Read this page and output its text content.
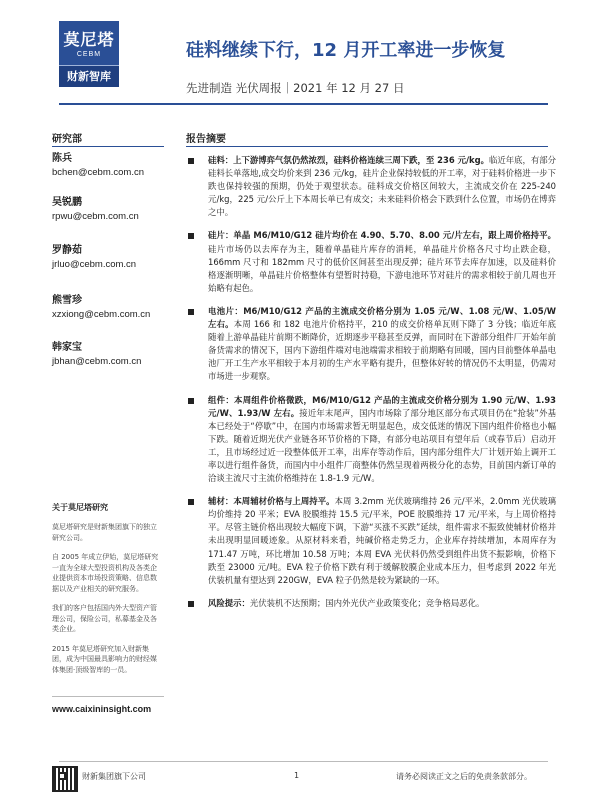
莫尼塔
CEBM
财新智库
硅料继续下行，12 月开工率进一步恢复
先进制造 光伏周报｜2021 年 12 月 27 日
研究部
陈兵
bchen@cebm.com.cn
吴锐鹏
rpwu@cebm.com.cn
罗静茹
jrluo@cebm.com.cn
熊雪珍
xzxiong@cebm.com.cn
韩家宝
jbhan@cebm.com.cn
关于莫尼塔研究

莫尼塔研究是财新集团旗下的独立研究公司。

自 2005 年成立伊始，莫尼塔研究一直为全球大型投资机构及各类企业提供资本市场投资策略、信息数据以及产业相关的研究服务。

我们的客户包括国内外大型资产管理公司，保险公司，私募基金及各类企业。

2015 年莫尼塔研究加入财新集团，成为中国最具影响力的财经媒体集团·顶级智库的一员。

www.caixininsight.com
报告摘要
硅料：上下游博弈气氛仍然浓烈，硅料价格连续三周下跌，至 236 元/kg。临近年底，有部分硅料长单落地,成交均价来到 236 元/kg，硅片企业保持较低的开工率，对于硅料价格进一步下跌也保持较强的预期，仍处于观望状态。硅料成交价格区间较大，主流成交价在 225-240 元/kg，225 元/公斤上下本周长单已有成交；未来硅料价格会下跌到什么位置，市场仍在博弈之中。
硅片：单晶 M6/M10/G12 硅片均价在 4.90、5.70、8.00 元/片左右，跟上周价格持平。硅片市场仍以去库存为主，随着单晶硅片库存的消耗，单晶硅片价格各尺寸均止跌企稳，166mm 尺寸和 182mm 尺寸的低价区间甚至出现反弹；硅片环节去库存加速，以及硅料价格逐渐明晰，单晶硅片价格整体有望暂时持稳，下游电池环节对硅片的需求相较于前几周也开始略有起色。
电池片：M6/M10/G12 产品的主流成交价格分别为 1.05 元/W、1.08 元/W、1.05/W 左右。本周 166 和 182 电池片价格持平，210 的成交价格单瓦则下降了 3 分钱；临近年底随着上游单晶硅片前期不断降价，近期逐步平稳甚至反弹，而同时在下游部分组件厂开始年前备货需求的情况下，国内下游组件端对电池端需求相较于前期略有回暖，国内目前整体单晶电池厂开工生产水平相较于本月初的生产水平略有提升，但整体好转的情况仍不太明显，仍需对市场进一步观察。
组件：本周组件价格微跌，M6/M10/G12 产品的主流成交价格分别为 1.90 元/W、1.93 元/W、1.93/W 左右。接近年末尾声，国内市场除了部分地区部分布式项目仍在“抢装”外基本已经处于“停歇”中，在国内市场需求暂无明显起色，成交低迷的情况下国内组件价格也小幅下跌。随着近期光伏产业链各环节价格的下降，有部分电站项目有望年后（或春节后）启动开工，且市场经过近一段整体低开工率，出库存等动作后，国内部分组件大厂计划开始上调开工率以进行组件备货，而国内中小组件厂商整体仍然呈现着两极分化的态势，目前国内新订单的洽谈主流尺寸主流价格维持在 1.8-1.9 元/W。
辅材：本周辅材价格与上周持平。本周 3.2mm 光伏玻璃维持 26 元/平米，2.0mm 光伏玻璃均价维持 20 平米；EVA 胶膜维持 15.5 元/平米，POE 胶膜维持 17 元/平米，与上周价格持平。尽管主链价格出现较大幅度下调，下游“买涨不买跌”延续，组件需求不振致使辅材价格并未出现明显回暖迹象。从原材料来看，纯碱价格走势乏力，企业库存持续增加，本周库存为 171.47 万吨，环比增加 10.58 万吨；本周 EVA 光伏料仍然受到组件出货不振影响，价格下跌至 23000 元/吨。EVA 粒子价格下跌有利于缓解胶膜企业成本压力，但考虑到 2022 年光伏装机量有望达到 220GW，EVA 粒子仍然是较为紧缺的一环。
风险提示：光伏装机不达预期；国内外光伏产业政策变化；竞争格局恶化。
财新集团旗下公司	1	请务必阅读正文之后的免责条款部分。
